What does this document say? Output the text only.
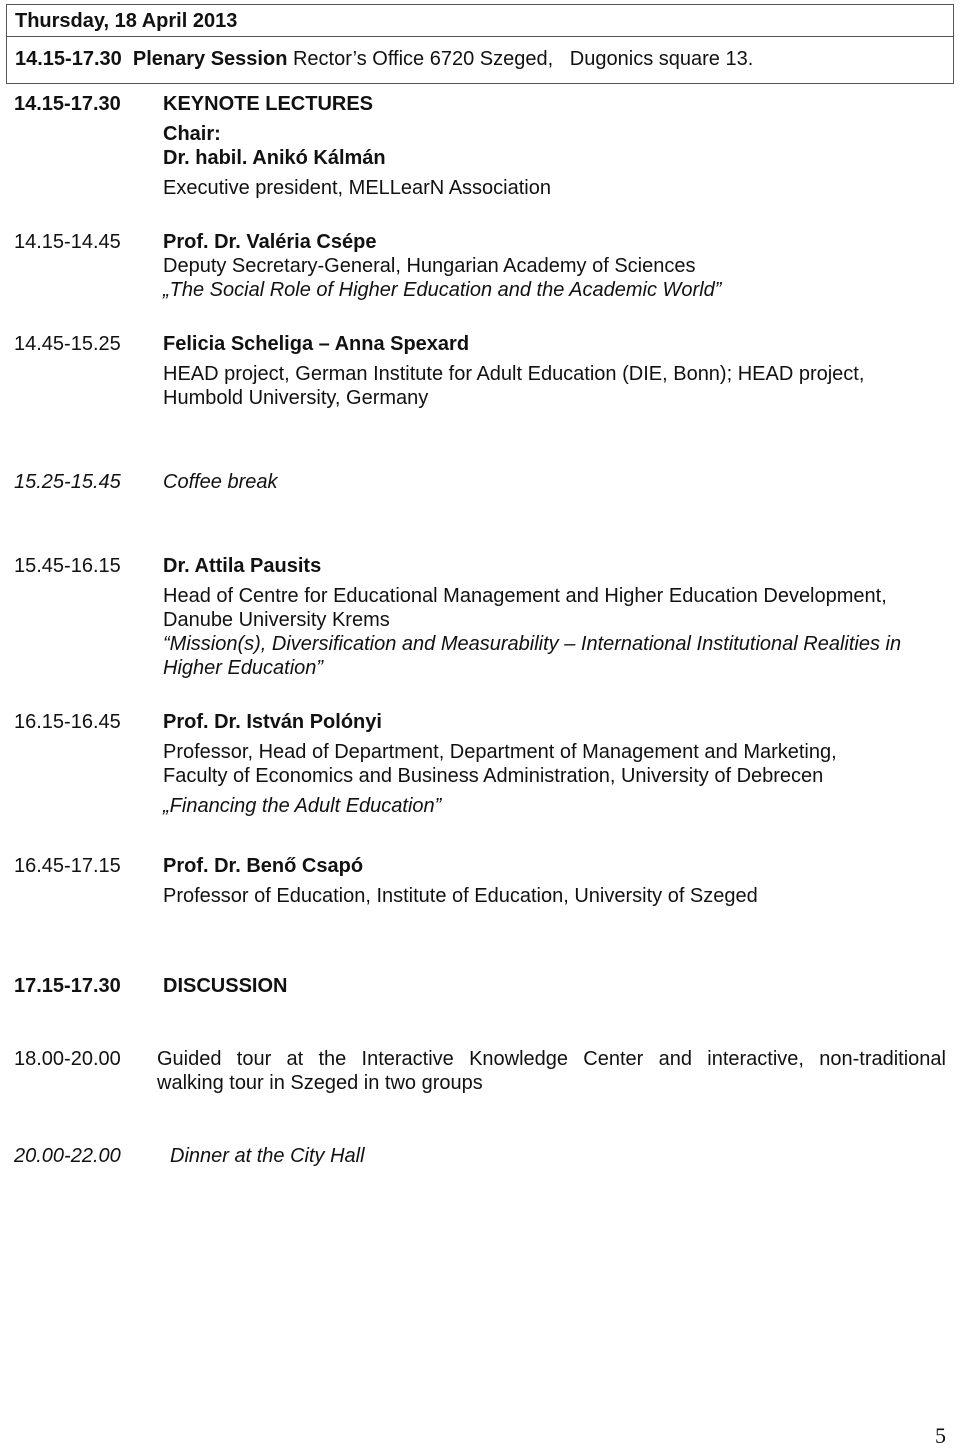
Thursday, 18 April 2013
14.15-17.30 Plenary Session Rector’s Office 6720 Szeged,   Dugonics square 13.
14.15-17.30 KEYNOTE LECTURES
Chair:
Dr. habil. Anikó Kálmán
Executive president, MELLearN Association
14.15-14.45 Prof. Dr. Valéria Csépe
Deputy Secretary-General, Hungarian Academy of Sciences
„The Social Role of Higher Education and the Academic World”
14.45-15.25 Felicia Scheliga – Anna Spexard
HEAD project, German Institute for Adult Education (DIE, Bonn); HEAD project,
Humbold University, Germany
15.25-15.45 Coffee break
15.45-16.15 Dr. Attila Pausits
Head of Centre for Educational Management and Higher Education Development,
Danube University Krems
“Mission(s), Diversification and Measurability – International Institutional Realities in
Higher Education”
16.15-16.45 Prof. Dr. István Polónyi
Professor, Head of Department, Department of Management and Marketing,
Faculty of Economics and Business Administration, University of Debrecen
„Financing the Adult Education”
16.45-17.15 Prof. Dr. Benő Csapó
Professor of Education, Institute of Education, University of Szeged
17.15-17.30 DISCUSSION
18.00-20.00 Guided tour at the Interactive Knowledge Center and interactive, non-traditional
walking tour in Szeged in two groups
20.00-22.00 Dinner at the City Hall
5
